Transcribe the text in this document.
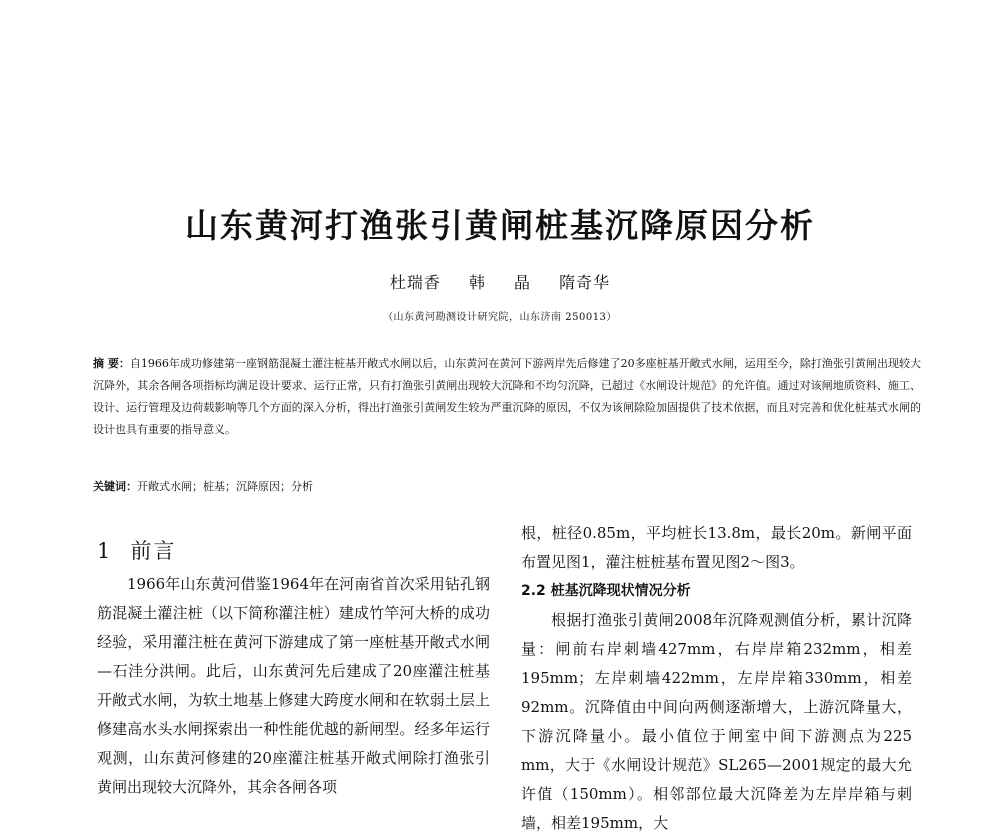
山东黄河打渔张引黄闸桩基沉降原因分析
杜瑞香 韩 晶 隋奇华
（山东黄河勘测设计研究院，山东济南 250013）
摘 要：自1966年成功修建第一座钢筋混凝土灌注桩基开敞式水闸以后，山东黄河在黄河下游两岸先后修建了20多座桩基开敞式水闸，运用至今，除打渔张引黄闸出现较大沉降外，其余各闸各项指标均满足设计要求、运行正常，只有打渔张引黄闸出现较大沉降和不均匀沉降，已超过《水闸设计规范》的允许值。通过对该闸地质资料、施工、设计、运行管理及边荷载影响等几个方面的深入分析，得出打渔张引黄闸发生较为严重沉降的原因，不仅为该闸除险加固提供了技术依据，而且对完善和优化桩基式水闸的设计也具有重要的指导意义。
关键词：开敞式水闸；桩基；沉降原因；分析
1 前言

1966年山东黄河借鉴1964年在河南省首次采用钻孔钢筋混凝土灌注桩（以下简称灌注桩）建成竹竿河大桥的成功经验，采用灌注桩在黄河下游建成了第一座桩基开敞式水闸—石洼分洪闸。此后，山东黄河先后建成了20座灌注桩基开敞式水闸，为软土地基上修建大跨度水闸和在软弱土层上修建高水头水闸探索出一种性能优越的新闸型。经多年运行观测，山东黄河修建的20座灌注桩基开敞式闸除打渔张引黄闸出现较大沉降外，其余各闸各项

根，桩径0.85m，平均桩长13.8m，最长20m。新闸平面布置见图1，灌注桩桩基布置见图2～图3。

2.2 桩基沉降现状情况分析

根据打渔张引黄闸2008年沉降观测值分析，累计沉降量：闸前右岸刺墙427mm，右岸岸箱232mm，相差195mm；左岸刺墙422mm，左岸岸箱330mm，相差92mm。沉降值由中间向两侧逐渐增大，上游沉降量大，下游沉降量小。最小值位于闸室中间下游测点为225 mm，大于《水闸设计规范》SL265—2001规定的最大允许值（150mm）。相邻部位最大沉降差为左岸岸箱与刺墙，相差195mm，大
